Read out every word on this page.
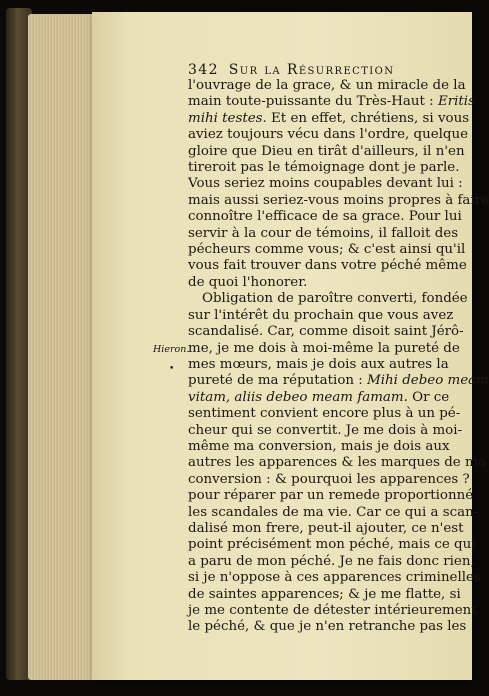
342 Sur la Résurrection
Hieron.
•
l'ouvrage de la grace, & un miracle de la
main toute-puissante du Très-Haut : Eritis
mihi testes. Et en effet, chrétiens, si vous
aviez toujours vécu dans l'ordre, quelque
gloire que Dieu en tirât d'ailleurs, il n'en
tireroit pas le témoignage dont je parle.
Vous seriez moins coupables devant lui :
mais aussi seriez-vous moins propres à faire
connoître l'efficace de sa grace. Pour lui
servir à la cour de témoins, il falloit des
pécheurs comme vous; & c'est ainsi qu'il
vous fait trouver dans votre péché même
de quoi l'honorer.
Obligation de paroître converti, fondée
sur l'intérêt du prochain que vous avez
scandalisé. Car, comme disoit saint Jérô-
me, je me dois à moi-même la pureté de
mes mœurs, mais je dois aux autres la
pureté de ma réputation : Mihi debeo meam
vitam, aliis debeo meam famam. Or ce
sentiment convient encore plus à un pé-
cheur qui se convertit. Je me dois à moi-
même ma conversion, mais je dois aux
autres les apparences & les marques de ma
conversion : & pourquoi les apparences ?
pour réparer par un remede proportionné
les scandales de ma vie. Car ce qui a scan-
dalisé mon frere, peut-il ajouter, ce n'est
point précisément mon péché, mais ce qui
a paru de mon péché. Je ne fais donc rien,
si je n'oppose à ces apparences criminelles
de saintes apparences; & je me flatte, si
je me contente de détester intérieurement
le péché, & que je n'en retranche pas les
